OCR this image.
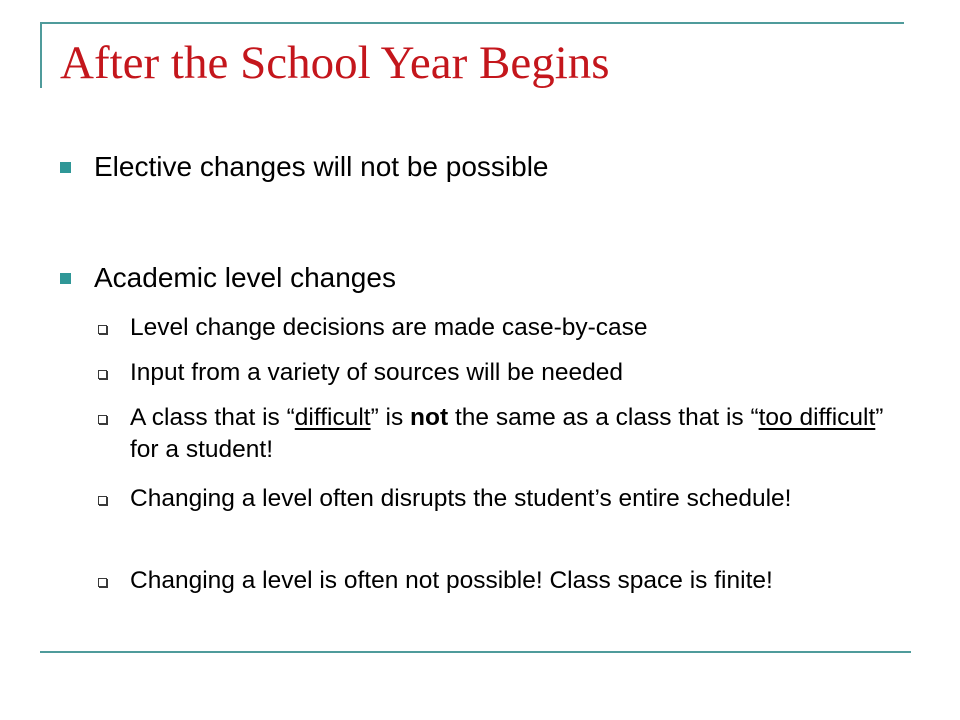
After the School Year Begins
Elective changes will not be possible
Academic level changes
Level change decisions are made case-by-case
Input from a variety of sources will be needed
A class that is “difficult” is not the same as a class that is “too difficult” for a student!
Changing a level often disrupts the student’s entire schedule!
Changing a level is often not possible! Class space is finite!
